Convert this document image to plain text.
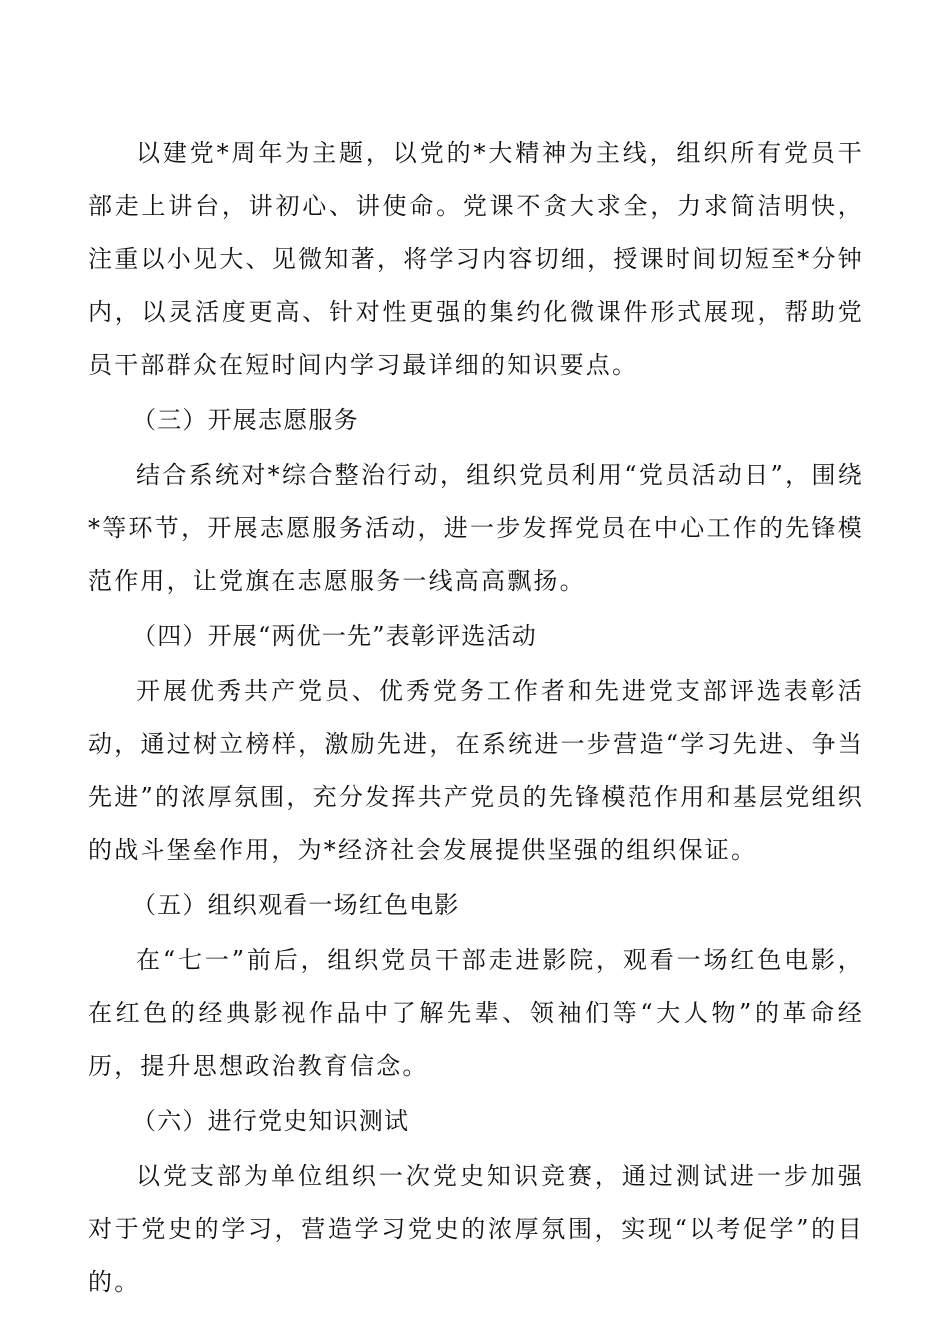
以建党*周年为主题，以党的*大精神为主线，组织所有党员干部走上讲台，讲初心、讲使命。党课不贪大求全，力求简洁明快，注重以小见大、见微知著，将学习内容切细，授课时间切短至*分钟内，以灵活度更高、针对性更强的集约化微课件形式展现，帮助党员干部群众在短时间内学习最详细的知识要点。

（三）开展志愿服务

结合系统对*综合整治行动，组织党员利用“党员活动日”，围绕*等环节，开展志愿服务活动，进一步发挥党员在中心工作的先锋模范作用，让党旗在志愿服务一线高高飘扬。

（四）开展“两优一先”表彰评选活动

开展优秀共产党员、优秀党务工作者和先进党支部评选表彰活动，通过树立榜样，激励先进，在系统进一步营造“学习先进、争当先进”的浓厚氛围，充分发挥共产党员的先锋模范作用和基层党组织的战斗堡垒作用，为*经济社会发展提供坚强的组织保证。

（五）组织观看一场红色电影

在“七一”前后，组织党员干部走进影院，观看一场红色电影，在红色的经典影视作品中了解先辈、领袖们等“大人物”的革命经历，提升思想政治教育信念。

（六）进行党史知识测试

以党支部为单位组织一次党史知识竞赛，通过测试进一步加强对于党史的学习，营造学习党史的浓厚氛围，实现“以考促学”的目的。
